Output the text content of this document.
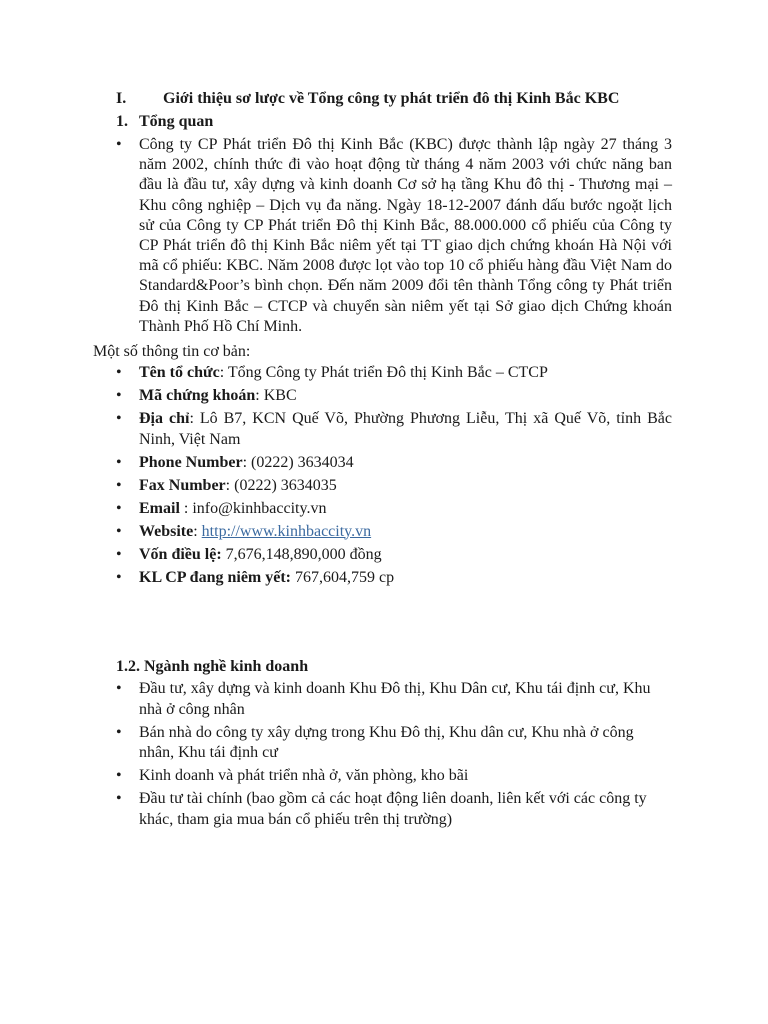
I. Giới thiệu sơ lược về Tổng công ty phát triển đô thị Kinh Bắc KBC
1. Tổng quan
•	Công ty CP Phát triển Đô thị Kinh Bắc (KBC) được thành lập ngày 27 tháng 3 năm 2002, chính thức đi vào hoạt động từ tháng 4 năm 2003 với chức năng ban đầu là đầu tư, xây dựng và kinh doanh Cơ sở hạ tầng Khu đô thị - Thương mại – Khu công nghiệp – Dịch vụ đa năng. Ngày 18-12-2007 đánh dấu bước ngoặt lịch sử của Công ty CP Phát triển Đô thị Kinh Bắc, 88.000.000 cổ phiếu của Công ty CP Phát triển đô thị Kinh Bắc niêm yết tại TT giao dịch chứng khoán Hà Nội với mã cổ phiếu: KBC. Năm 2008 được lọt vào top 10 cổ phiếu hàng đầu Việt Nam do Standard&Poor’s bình chọn. Đến năm 2009 đổi tên thành Tổng công ty Phát triển Đô thị Kinh Bắc – CTCP và chuyển sàn niêm yết tại Sở giao dịch Chứng khoán Thành Phố Hồ Chí Minh.
Một số thông tin cơ bản:
•	Tên tổ chức: Tổng Công ty Phát triển Đô thị Kinh Bắc – CTCP
•	Mã chứng khoán: KBC
•	Địa chỉ: Lô B7, KCN Quế Võ, Phường Phương Liễu, Thị xã Quế Võ, tỉnh Bắc Ninh, Việt Nam
•	Phone Number: (0222) 3634034
•	Fax Number: (0222) 3634035
•	Email : info@kinhbaccity.vn
•	Website: http://www.kinhbaccity.vn
•	Vốn điều lệ: 7,676,148,890,000 đồng
•	KL CP đang niêm yết: 767,604,759 cp
1.2. Ngành nghề kinh doanh
•	Đầu tư, xây dựng và kinh doanh Khu Đô thị, Khu Dân cư, Khu tái định cư, Khu nhà ở công nhân
•	Bán nhà do công ty xây dựng trong Khu Đô thị, Khu dân cư, Khu nhà ở công nhân, Khu tái định cư
•	Kinh doanh và phát triển nhà ở, văn phòng, kho bãi
•	Đầu tư tài chính (bao gồm cả các hoạt động liên doanh, liên kết với các công ty khác, tham gia mua bán cổ phiếu trên thị trường)
